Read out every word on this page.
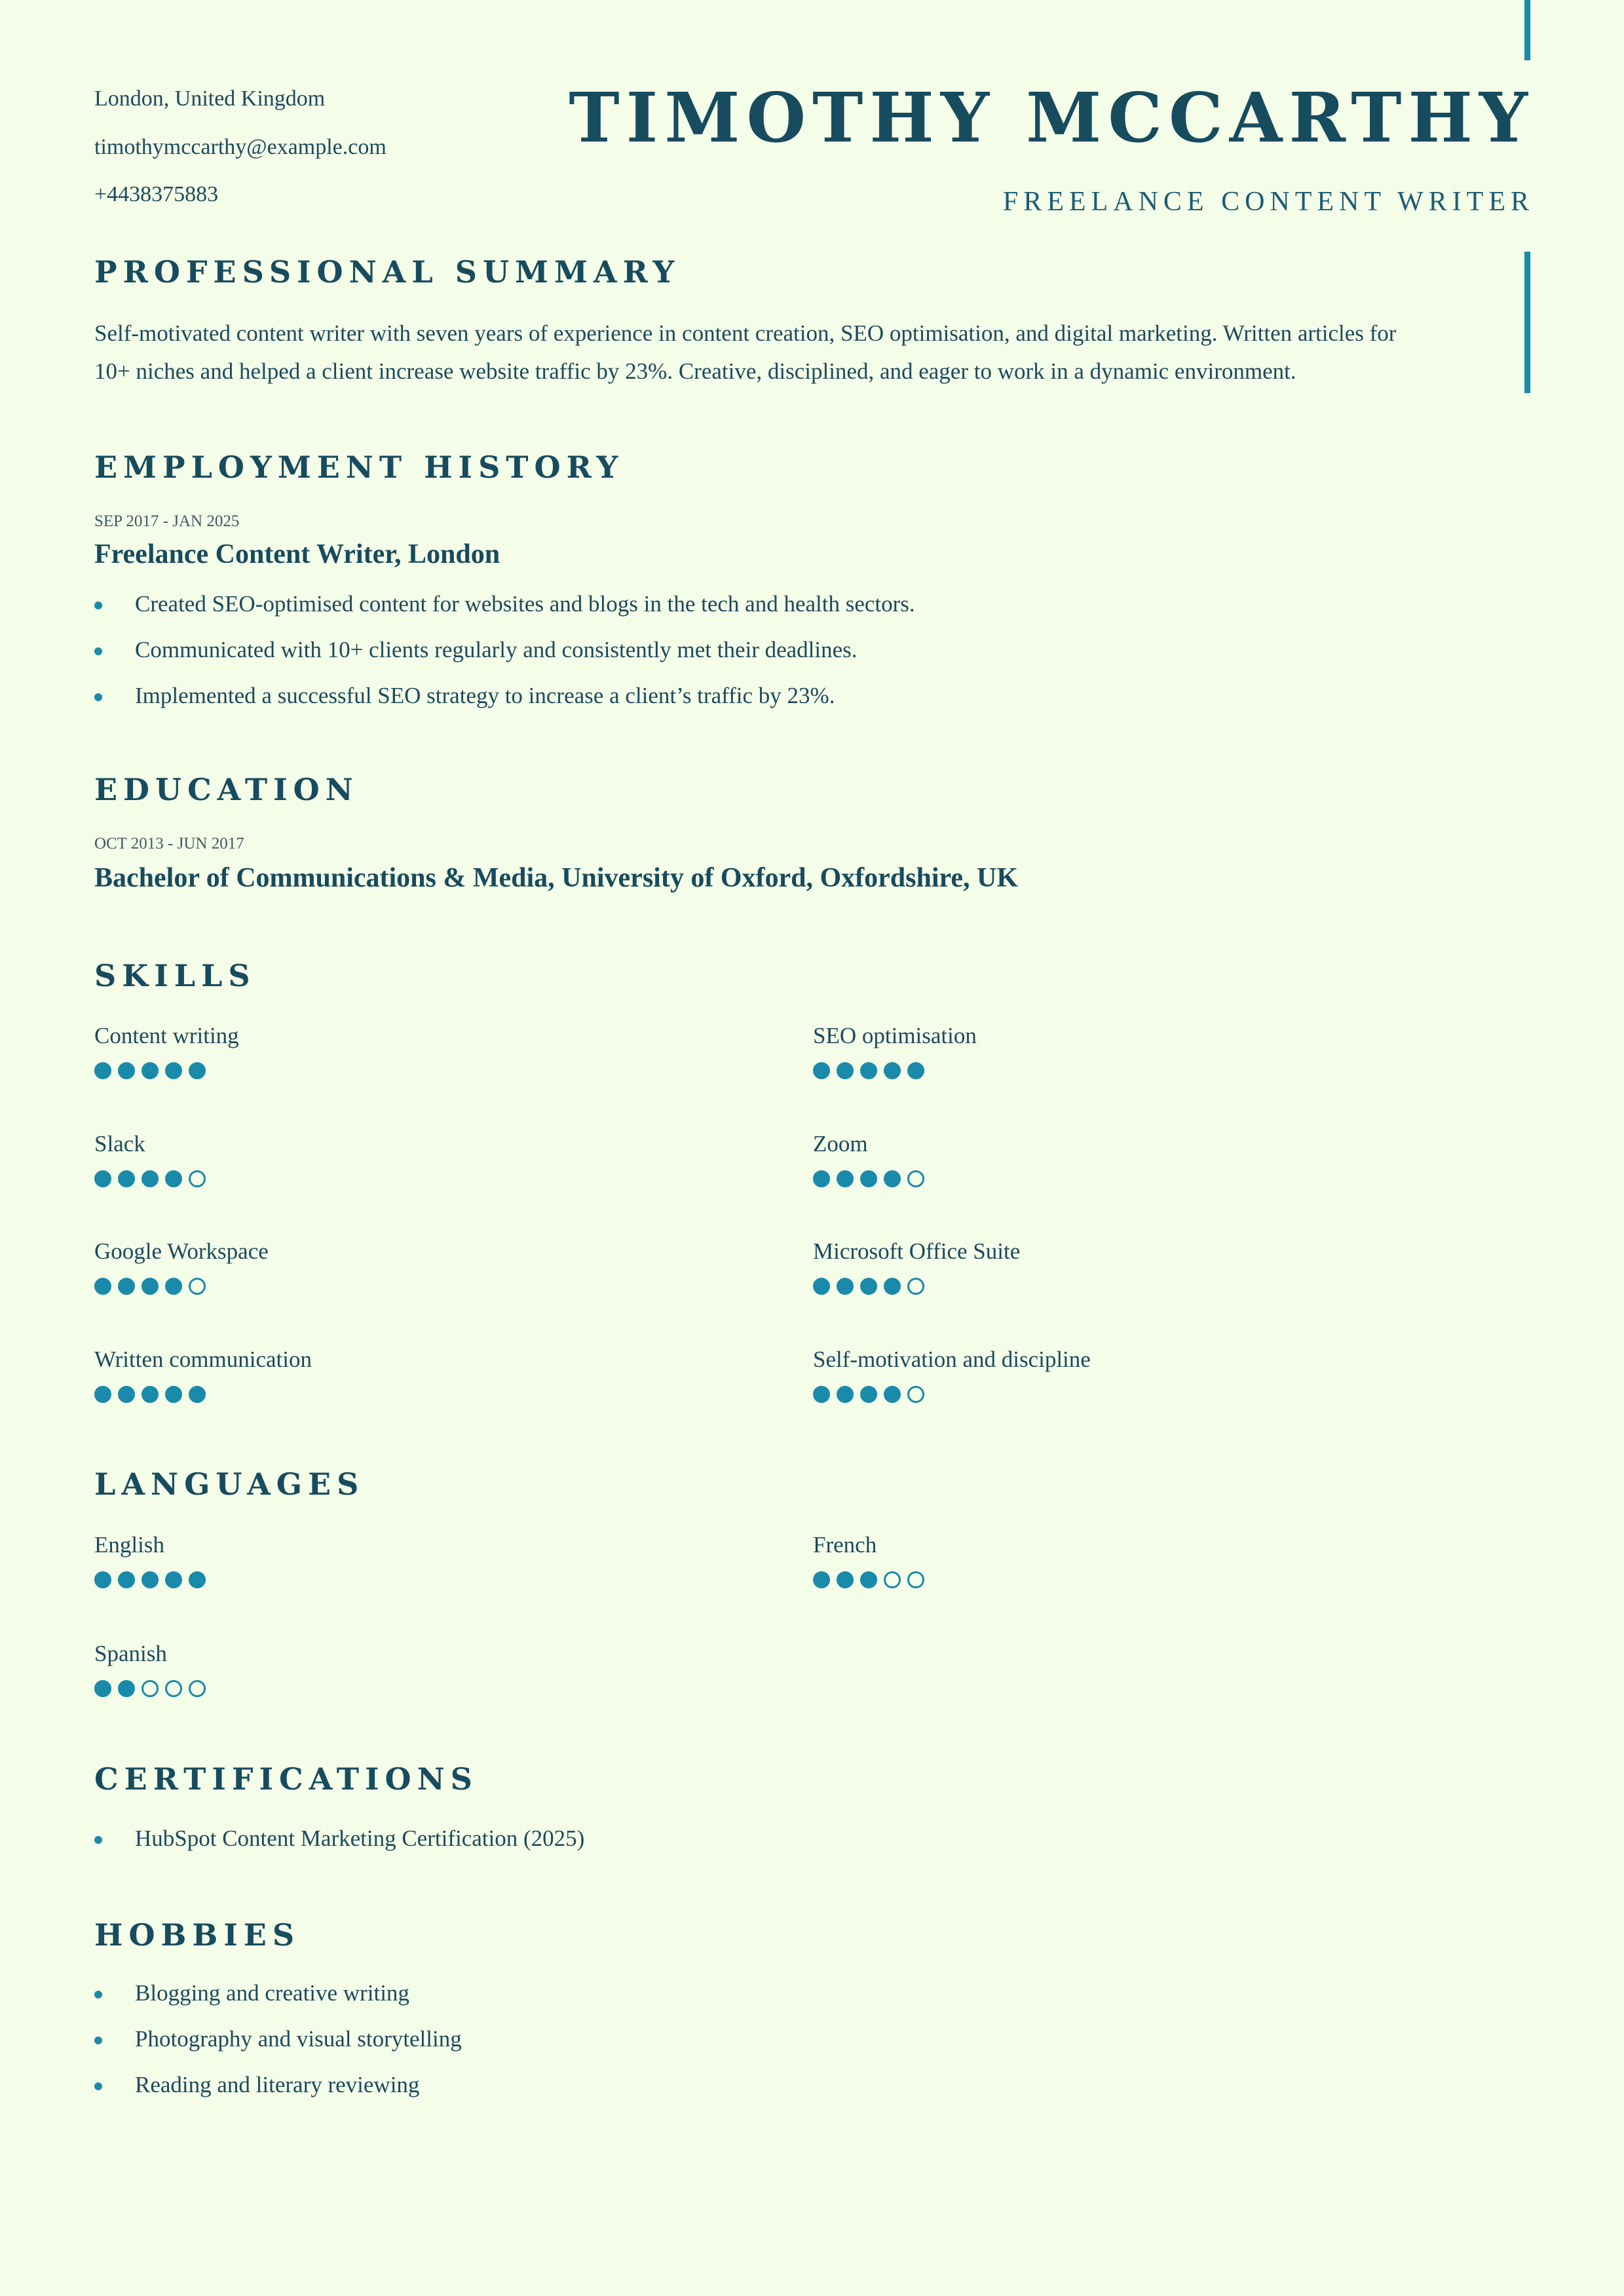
London, United Kingdom
timothymccarthy@example.com
+4438375883
TIMOTHY MCCARTHY
FREELANCE CONTENT WRITER
PROFESSIONAL SUMMARY
Self-motivated content writer with seven years of experience in content creation, SEO optimisation, and digital marketing. Written articles for 10+ niches and helped a client increase website traffic by 23%. Creative, disciplined, and eager to work in a dynamic environment.
EMPLOYMENT HISTORY
SEP 2017 - JAN 2025
Freelance Content Writer, London
Created SEO-optimised content for websites and blogs in the tech and health sectors.
Communicated with 10+ clients regularly and consistently met their deadlines.
Implemented a successful SEO strategy to increase a client’s traffic by 23%.
EDUCATION
OCT 2013 - JUN 2017
Bachelor of Communications & Media, University of Oxford, Oxfordshire, UK
SKILLS
Content writing	SEO optimisation
Slack	Zoom
Google Workspace	Microsoft Office Suite
Written communication	Self-motivation and discipline
LANGUAGES
English	French
Spanish
CERTIFICATIONS
HubSpot Content Marketing Certification (2025)
HOBBIES
Blogging and creative writing
Photography and visual storytelling
Reading and literary reviewing
